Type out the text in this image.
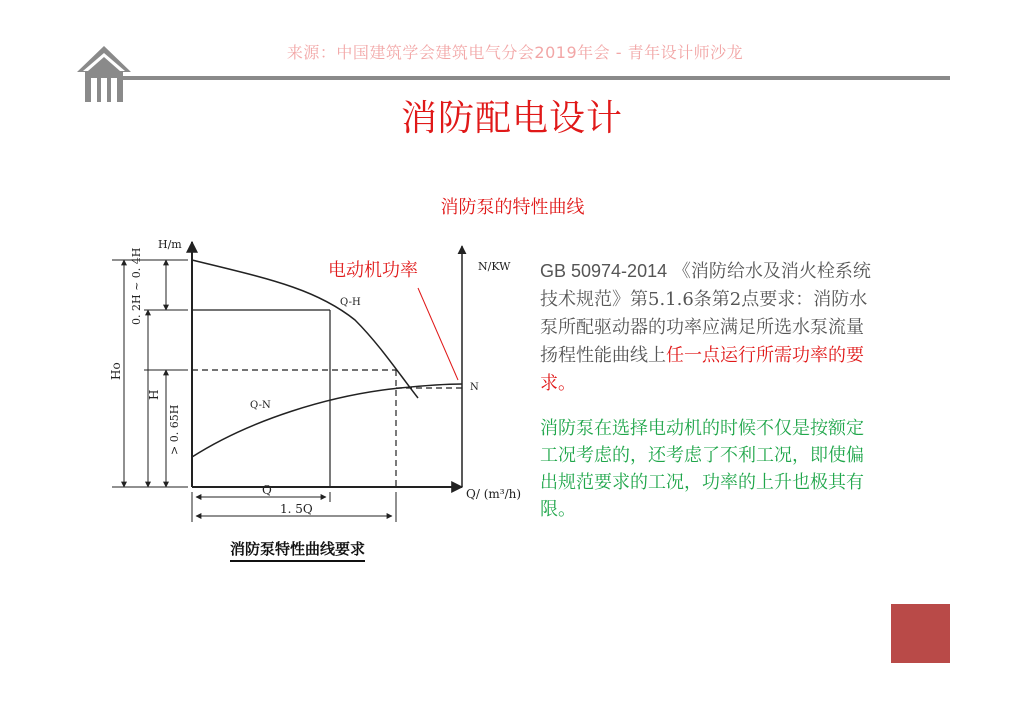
来源：中国建筑学会建筑电气分会2019年会 - 青年设计师沙龙
消防配电设计
消防泵的特性曲线
H/m
N/KW
Q/ (m³/h)
Q-H
Q-N
N
Ho
H
0. 2H ~ 0. 4H
> 0. 65H
Q
1. 5Q
电动机功率
消防泵特性曲线要求
GB 50974-2014 《消防给水及消火栓系统技术规范》第5.1.6条第2点要求：消防水泵所配驱动器的功率应满足所选水泵流量扬程性能曲线上任一点运行所需功率的要求。
消防泵在选择电动机的时候不仅是按额定工况考虑的，还考虑了不利工况，即使偏出规范要求的工况，功率的上升也极其有限。
